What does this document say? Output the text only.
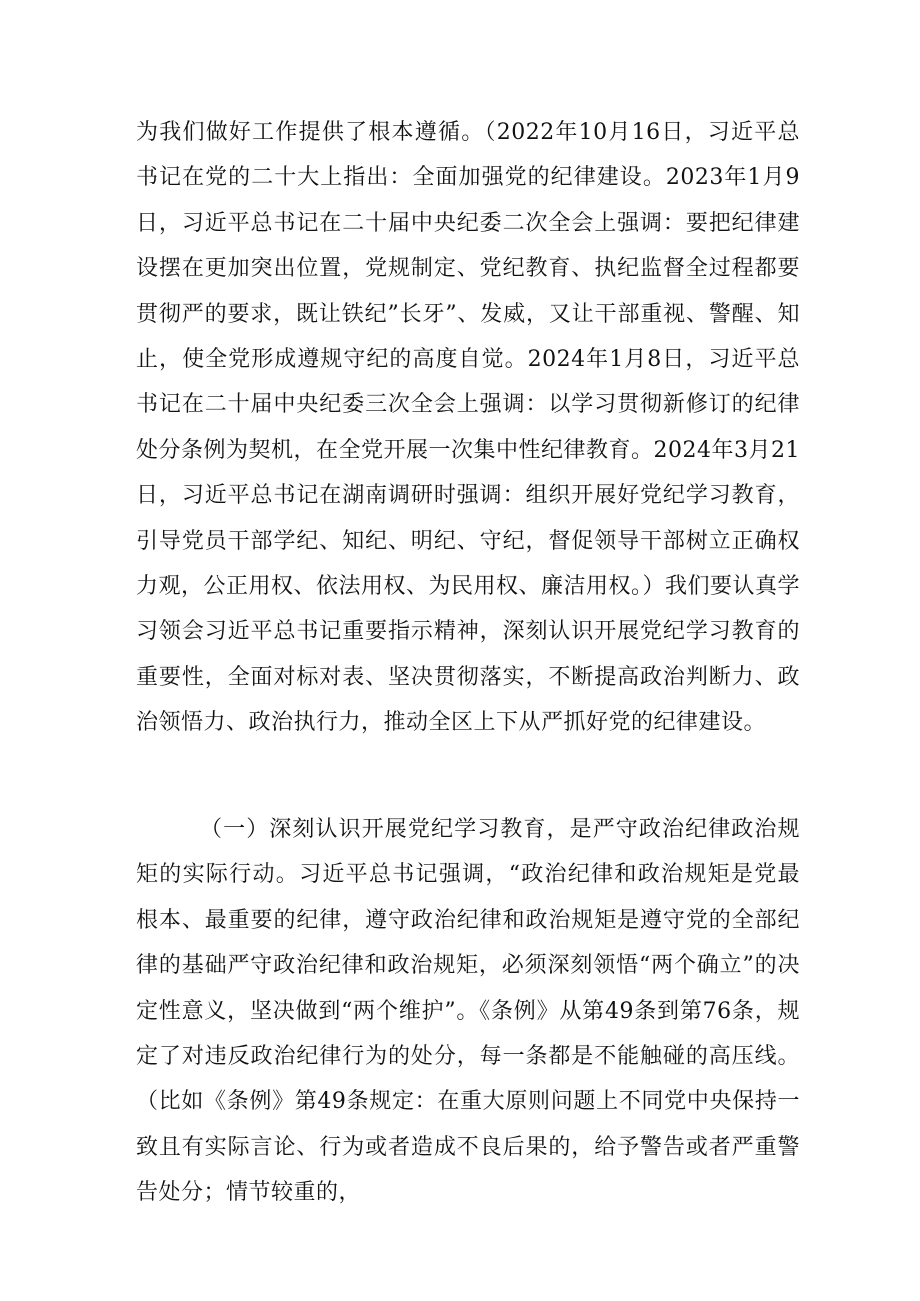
为我们做好工作提供了根本遵循。（2022年10月16日，习近平总书记在党的二十大上指出：全面加强党的纪律建设。2023年1月9日，习近平总书记在二十届中央纪委二次全会上强调：要把纪律建设摆在更加突出位置，党规制定、党纪教育、执纪监督全过程都要贯彻严的要求，既让铁纪”长牙”、发威，又让干部重视、警醒、知止，使全党形成遵规守纪的高度自觉。2024年1月8日，习近平总书记在二十届中央纪委三次全会上强调：以学习贯彻新修订的纪律处分条例为契机，在全党开展一次集中性纪律教育。2024年3月21日，习近平总书记在湖南调研时强调：组织开展好党纪学习教育，引导党员干部学纪、知纪、明纪、守纪，督促领导干部树立正确权力观，公正用权、依法用权、为民用权、廉洁用权。）我们要认真学习领会习近平总书记重要指示精神，深刻认识开展党纪学习教育的重要性，全面对标对表、坚决贯彻落实，不断提高政治判断力、政治领悟力、政治执行力，推动全区上下从严抓好党的纪律建设。

（一）深刻认识开展党纪学习教育，是严守政治纪律政治规矩的实际行动。习近平总书记强调，“政治纪律和政治规矩是党最根本、最重要的纪律，遵守政治纪律和政治规矩是遵守党的全部纪律的基础严守政治纪律和政治规矩，必须深刻领悟“两个确立”的决定性意义，坚决做到“两个维护”。《条例》从第49条到第76条，规定了对违反政治纪律行为的处分，每一条都是不能触碰的高压线。（比如《条例》第49条规定：在重大原则问题上不同党中央保持一致且有实际言论、行为或者造成不良后果的，给予警告或者严重警告处分；情节较重的，
